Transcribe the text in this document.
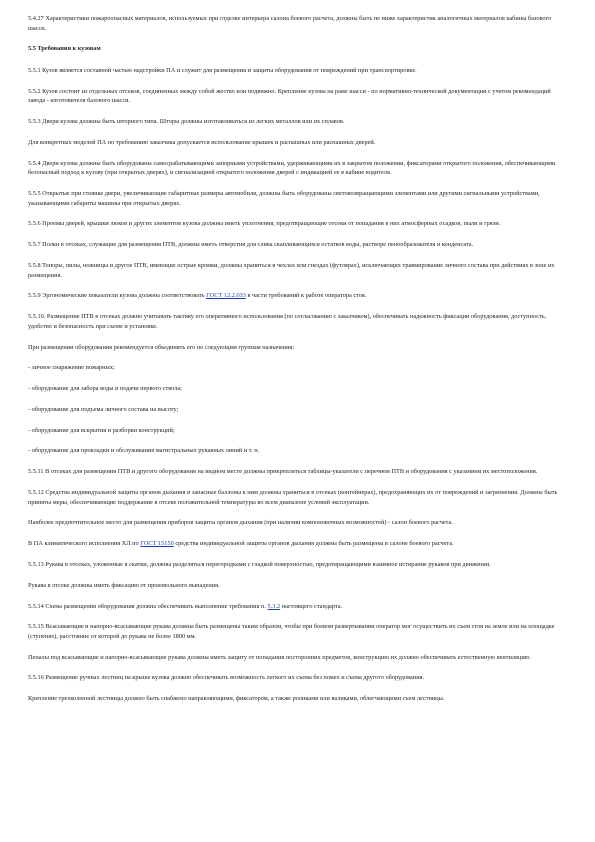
5.4.27 Характеристики пожароопасных материалов, используемых при отделке интерьера салона боевого расчета, должны быть не ниже характеристик аналогичных материалов кабины базового шасси.

5.5 Требования к кузовам

5.5.1 Кузов является составной частью надстройки ПА и служит для размещения и защиты оборудования от повреждений при транспортировке.

5.5.2 Кузов состоит из отдельных отсеков, соединенных между собой жестко или подвижно. Крепление кузова на раме шасси - по нормативно-технической документации с учетом рекомендаций завода - изготовителя базового шасси.

5.5.3 Двери кузова должны быть шторного типа. Шторы должны изготавливаться из легких металлов или их сплавов.

Для конкретных моделей ПА по требованию заказчика допускается использование крышек и распашных или распашных дверей.

5.5.4 Двери кузова должны быть оборудованы самосрабатывающими запорными устройствами, удерживающими их в закрытом положении, фиксаторами открытого положения, обеспечивающими безопасный подход к кузову (при открытых дверях), и сигнализацией открытого положения дверей с индикацией ее в кабине водителя.

5.5.5 Открытые при стоянке двери, увеличивающие габаритные размеры автомобиля, должны быть оборудованы световозвращающими элементами или другими сигнальными устройствами, указывающими габариты машины при открытых дверях.

5.5.6 Проемы дверей, крышки люков и других элементов кузова должны иметь уплотнения, предотвращающие отсеки от попадания в них атмосферных осадков, пыли и грязи.

5.5.7 Полки в отсеках, служащие для размещения ПТВ, должны иметь отверстия для слива скапливающихся остатков воды, растворе пенообразователя и конденсата.

5.5.8 Топоры, пилы, ножницы и другое ПТВ, имеющие острые кромки, должны храниться в чехлах или гнездах (футлярах), исключающих травмирование личного состава при действиях в зоне их размещения.

5.5.9 Эргономические показатели кузова должны соответствовать ГОСТ 12.2.033 в части требований к работе оператора стоя.

5.5.10. Размещение ПТВ в отсеках должно учитывать тактику его оперативного использования (по согласованию с заказчиком), обеспечивать надежность фиксации оборудования, доступность, удобство и безопасность при съеме и установке.

При размещении оборудования рекомендуется объединять его по следующим группам назначения:

- личное снаряжение пожарных;

- оборудование для забора воды и подачи первого ствола;

- оборудование для подъема личного состава на высоту;

- оборудование для вскрытия и разборки конструкций;

- оборудование для прокладки и обслуживания магистральных рукавных линий и т. п.

5.5.11 В отсеках для размещения ПТВ и другого оборудования на видном месте должны прикрепляться таблицы-указатели с перечнем ПТВ и оборудования с указанием их местоположения.

5.5.12 Средства индивидуальной защиты органов дыхания и запасные баллоны к ним должны храниться в отсеках (контейнерах), предохраняющих их от повреждений и загрязнения. Должны быть приняты меры, обеспечивающие поддержание в отсеке положительной температуры во всем диапазоне условий эксплуатации.

Наиболее предпочтительное место для размещения приборов защиты органов дыхания (при наличии компоновочных возможностей) - салон боевого расчета.

В ПА климатического исполнения ХЛ по ГОСТ 15150 средства индивидуальной защиты органов дыхания должны быть размещены в салоне боевого расчета.

5.5.13 Рукава в отсеках, уложенные в скатки, должны разделяться перегородками с гладкой поверхностью, предотвращающими взаимное истирание рукавов при движении.

Рукава в отсеке должны иметь фиксацию от произвольного выпадения.

5.5.14 Схема размещения оборудования должна обеспечивать выполнение требования п. 5.3.2 настоящего стандарта.

5.5.15 Всасывающие и напорно-всасывающие рукава должны быть размещены таким образом, чтобы при боевом развертывании оператор мог осуществить их съем стоя на земле или на площадке (ступенях), расстояние от которой до рукава не более 1800 мм.

Пеналы под всасывающие и напорно-всасывающие рукава должны иметь защиту от попадания посторонних предметов, конструкцию их должно обеспечивать естественную вентиляцию.

5.5.16 Размещение ручных лестниц на крыше кузова должно обеспечивать возможность легкого их съема без помех и съема другого оборудования.

Крепление трехколенной лестницы должно быть снабжено направляющими, фиксатором, а также роликами или валиками, облегчающими съем лестницы.
